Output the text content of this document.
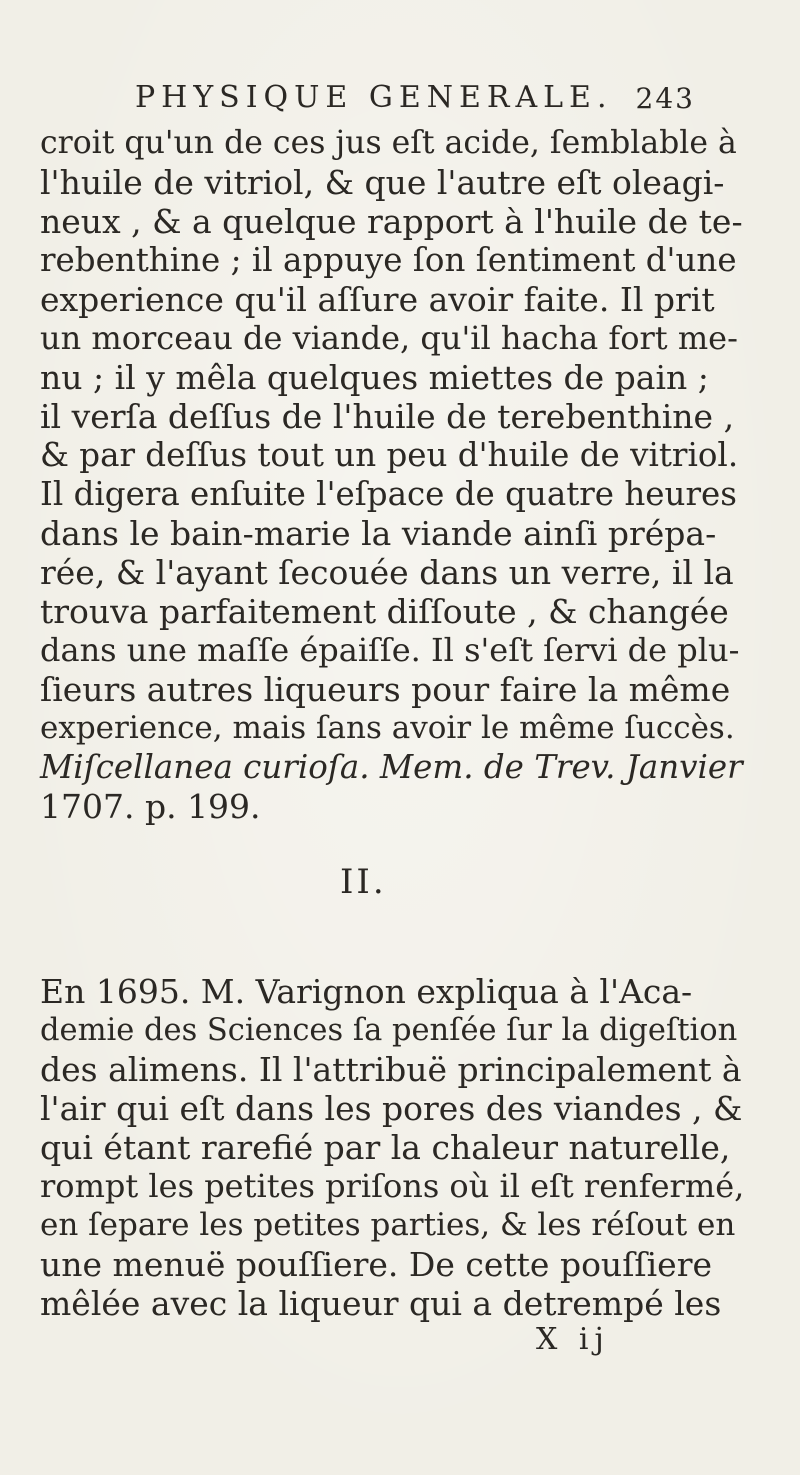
PHYSIQUE GENERALE. 243
croit qu'un de ces jus eſt acide, ſemblable à
l'huile de vitriol, & que l'autre eſt oleagi-
neux , & a quelque rapport à l'huile de te-
rebenthine ; il appuye ſon ſentiment d'une
experience qu'il aſſure avoir faite. Il prit
un morceau de viande, qu'il hacha fort me-
nu ; il y mêla quelques miettes de pain ;
il verſa deſſus de l'huile de terebenthine ,
& par deſſus tout un peu d'huile de vitriol.
Il digera enſuite l'eſpace de quatre heures
dans le bain-marie la viande ainſi prépa-
rée, & l'ayant ſecouée dans un verre, il la
trouva parfaitement diſſoute , & changée
dans une maſſe épaiſſe. Il s'eſt ſervi de plu-
ſieurs autres liqueurs pour faire la même
experience, mais ſans avoir le même ſuccès.
Miſcellanea curioſa. Mem. de Trev. Janvier
1707. p. 199.
II.
En 1695. M. Varignon expliqua à l'Aca-
demie des Sciences ſa penſée ſur la digeſtion
des alimens. Il l'attribuë principalement à
l'air qui eſt dans les pores des viandes , &
qui étant rarefié par la chaleur naturelle,
rompt les petites priſons où il eſt renfermé,
en ſepare les petites parties, & les réſout en
une menuë pouſſiere. De cette pouſſiere
mêlée avec la liqueur qui a detrempé les
X ij
